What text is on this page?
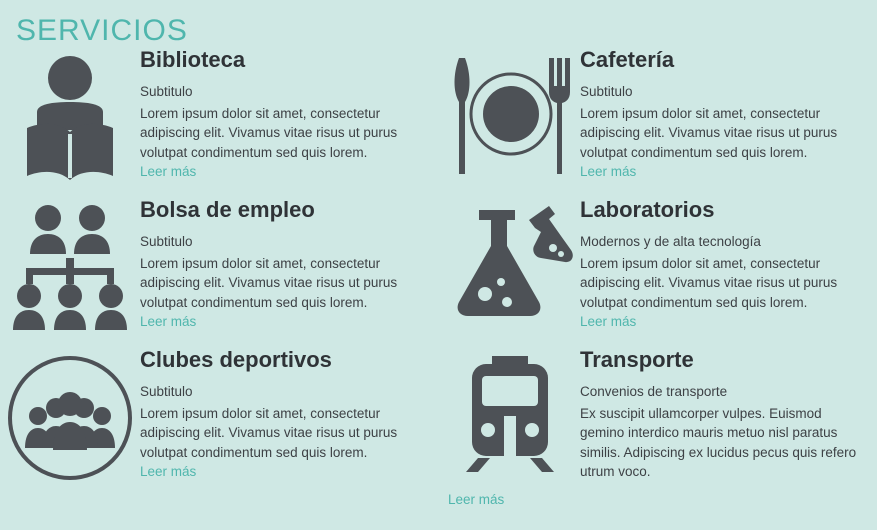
SERVICIOS
Biblioteca

Subtitulo

Lorem ipsum dolor sit amet, consectetur adipiscing elit. Vivamus vitae risus ut purus volutpat condimentum sed quis lorem.

Leer más
Cafetería

Subtitulo

Lorem ipsum dolor sit amet, consectetur adipiscing elit. Vivamus vitae risus ut purus volutpat condimentum sed quis lorem.

Leer más
Bolsa de empleo

Subtitulo

Lorem ipsum dolor sit amet, consectetur adipiscing elit. Vivamus vitae risus ut purus volutpat condimentum sed quis lorem.

Leer más
Laboratorios

Modernos y de alta tecnología

Lorem ipsum dolor sit amet, consectetur adipiscing elit. Vivamus vitae risus ut purus volutpat condimentum sed quis lorem.

Leer más
Clubes deportivos

Subtitulo

Lorem ipsum dolor sit amet, consectetur adipiscing elit. Vivamus vitae risus ut purus volutpat condimentum sed quis lorem.

Leer más
Leer más
Transporte

Convenios de transporte

Ex suscipit ullamcorper vulpes. Euismod gemino interdico mauris metuo nisl paratus similis. Adipiscing ex lucidus pecus quis refero utrum voco.
